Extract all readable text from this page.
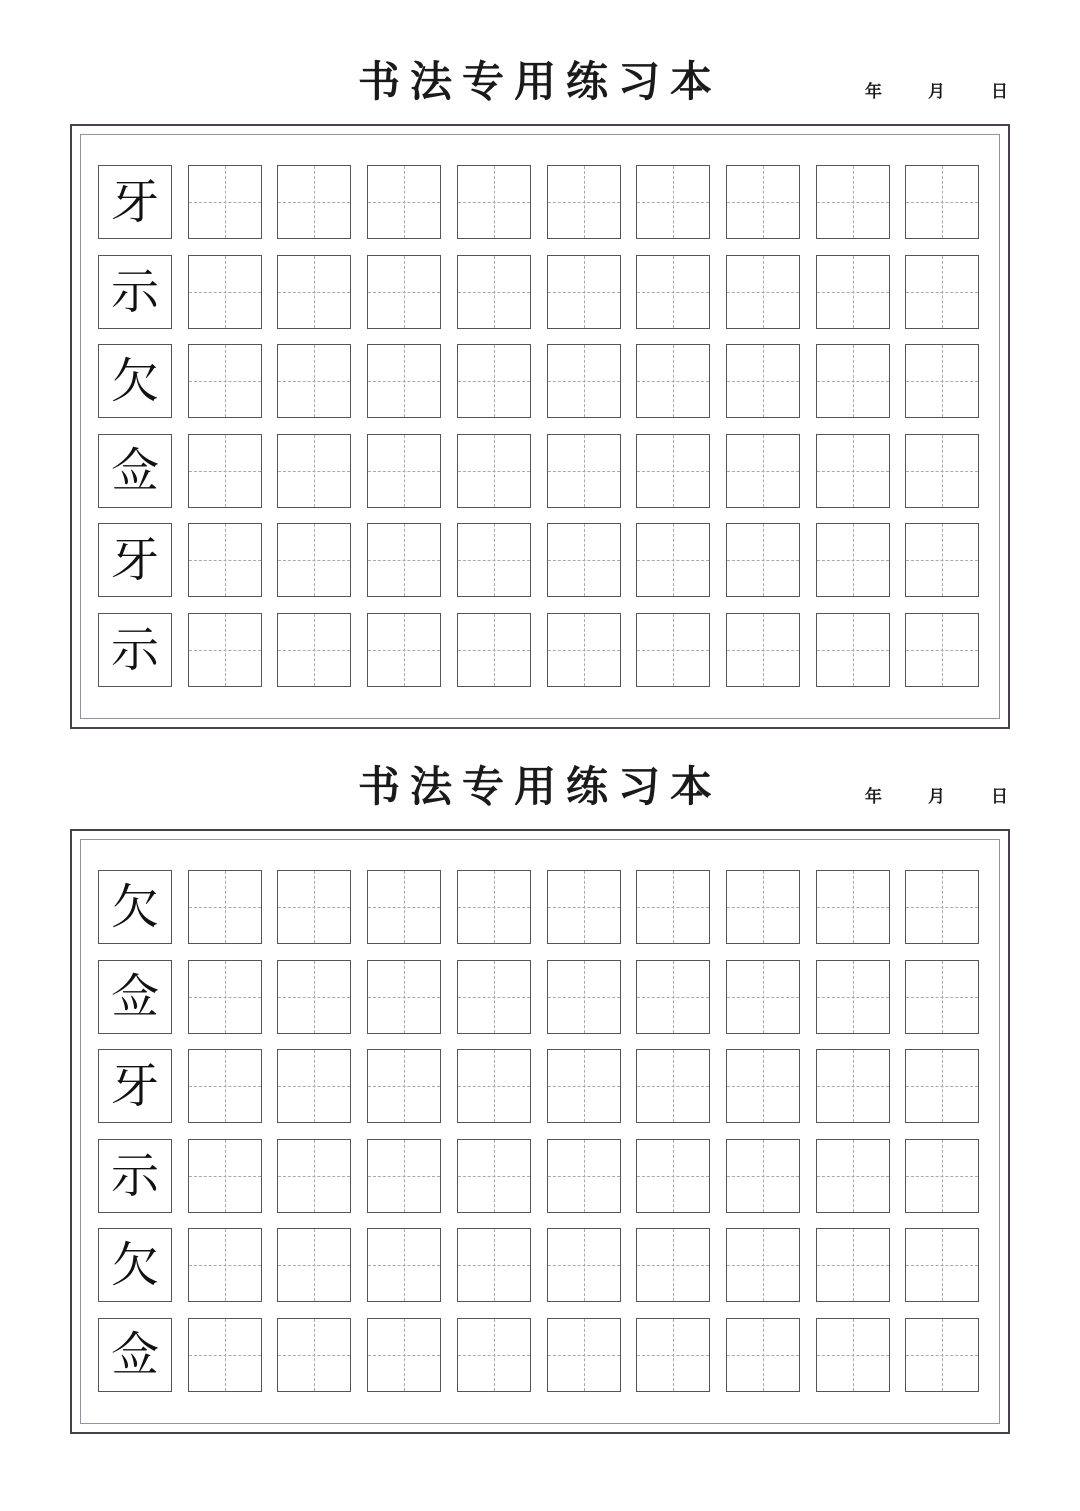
书法专用练习本	年	月	日
牙
示
欠
佥
牙
示
书法专用练习本	年	月	日
欠
佥
牙
示
欠
佥
